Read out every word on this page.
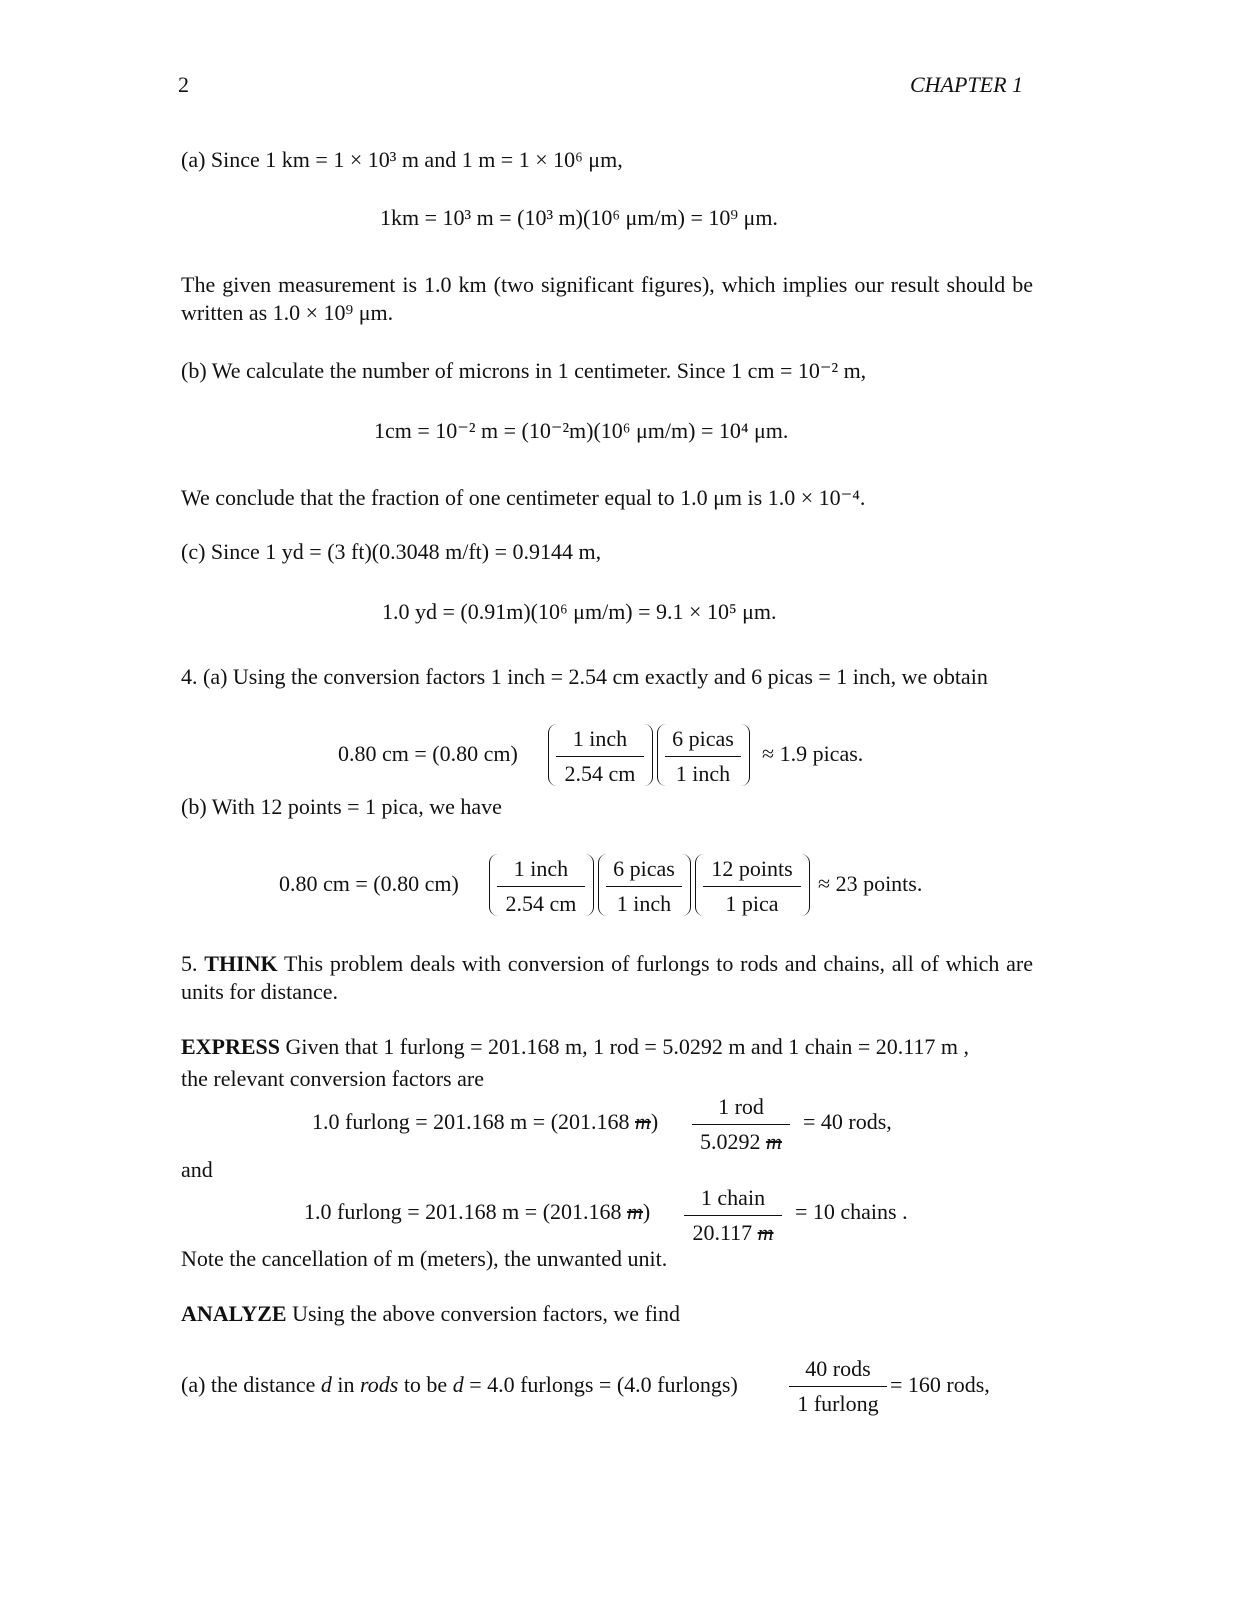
2	CHAPTER 1
(a) Since 1 km = 1 × 10³ m and 1 m = 1 × 10⁶ μm,
1km = 10³ m = (10³ m)(10⁶ μm/m) = 10⁹ μm.
The given measurement is 1.0 km (two significant figures), which implies our result should be written as 1.0 × 10⁹ μm.
(b) We calculate the number of microns in 1 centimeter. Since 1 cm = 10⁻² m,
1cm = 10⁻² m = (10⁻²m)(10⁶ μm/m) = 10⁴ μm.
We conclude that the fraction of one centimeter equal to 1.0 μm is 1.0 × 10⁻⁴.
(c) Since 1 yd = (3 ft)(0.3048 m/ft) = 0.9144 m,
1.0 yd = (0.91m)(10⁶ μm/m) = 9.1 × 10⁵ μm.
4. (a) Using the conversion factors 1 inch = 2.54 cm exactly and 6 picas = 1 inch, we obtain
0.80 cm = (0.80 cm)
1 inch
2.54 cm
6 picas
1 inch
≈ 1.9 picas.
(b) With 12 points = 1 pica, we have
0.80 cm = (0.80 cm)
1 inch
2.54 cm
6 picas
1 inch
12 points
1 pica
≈ 23 points.
5. THINK This problem deals with conversion of furlongs to rods and chains, all of which are units for distance.
EXPRESS Given that 1 furlong = 201.168 m, 1 rod = 5.0292 m and 1 chain = 20.117 m ,
the relevant conversion factors are
1.0 furlong = 201.168 m = (201.168 m)
1 rod
5.0292 m
= 40 rods,
and
1.0 furlong = 201.168 m = (201.168 m)
1 chain
20.117 m
= 10 chains .
Note the cancellation of m (meters), the unwanted unit.
ANALYZE Using the above conversion factors, we find
(a) the distance d in rods to be d = 4.0 furlongs = (4.0 furlongs)
40 rods
1 furlong
= 160 rods,
